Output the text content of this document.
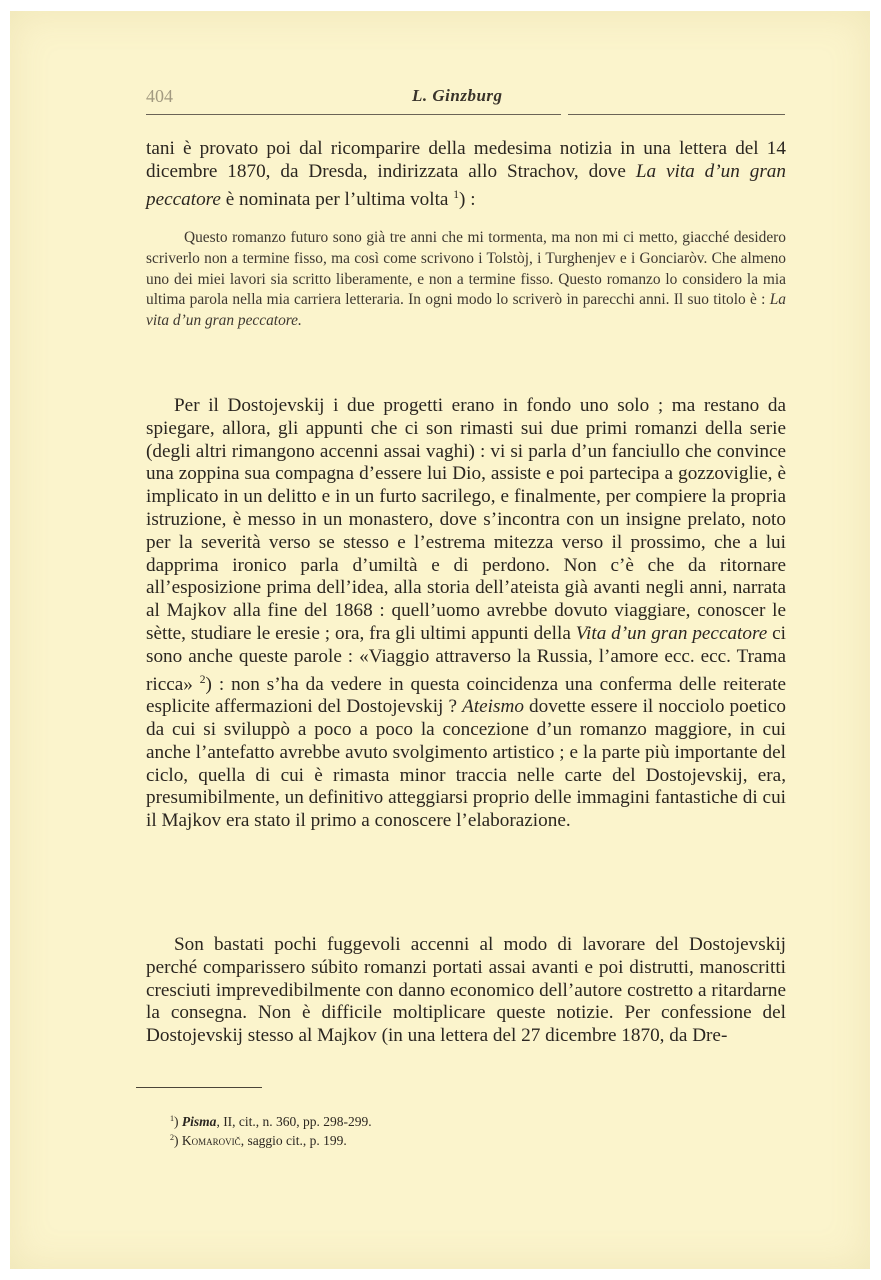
404	L. Ginzburg

tani è provato poi dal ricomparire della medesima notizia in una lettera del 14 dicembre 1870, da Dresda, indirizzata allo Strachov, dove La vita d’un gran peccatore è nominata per l’ultima volta $^1$) :

Questo romanzo futuro sono già tre anni che mi tormenta, ma non mi ci metto, giacché desidero scriverlo non a termine fisso, ma così come scrivono i Tolstòj, i Turghenjev e i Gonciaròv. Che almeno uno dei miei lavori sia scritto liberamente, e non a termine fisso. Questo romanzo lo considero la mia ultima parola nella mia carriera letteraria. In ogni modo lo scriverò in parecchi anni. Il suo titolo è : La vita d’un gran peccatore.

Per il Dostojevskij i due progetti erano in fondo uno solo ; ma restano da spiegare, allora, gli appunti che ci son rimasti sui due primi romanzi della serie (degli altri rimangono accenni assai vaghi) : vi si parla d’un fanciullo che convince una zoppina sua compagna d’essere lui Dio, assiste e poi partecipa a gozzoviglie, è implicato in un delitto e in un furto sacrilego, e finalmente, per compiere la propria istruzione, è messo in un monastero, dove s’incontra con un insigne prelato, noto per la severità verso se stesso e l’estrema mitezza verso il prossimo, che a lui dapprima ironico parla d’umiltà e di perdono. Non c’è che da ritornare all’esposizione prima dell’idea, alla storia dell’ateista già avanti negli anni, narrata al Majkov alla fine del 1868 : quell’uomo avrebbe dovuto viaggiare, conoscer le sètte, studiare le eresie ; ora, fra gli ultimi appunti della Vita d’un gran peccatore ci sono anche queste parole : «Viaggio attraverso la Russia, l’amore ecc. ecc. Trama ricca» $^2$) : non s’ha da vedere in questa coincidenza una conferma delle reiterate esplicite affermazioni del Dostojevskij ? Ateismo dovette essere il nocciolo poetico da cui si sviluppò a poco a poco la concezione d’un romanzo maggiore, in cui anche l’antefatto avrebbe avuto svolgimento artistico ; e la parte più importante del ciclo, quella di cui è rimasta minor traccia nelle carte del Dostojevskij, era, presumibilmente, un definitivo atteggiarsi proprio delle immagini fantastiche di cui il Majkov era stato il primo a conoscere l’elaborazione.

Son bastati pochi fuggevoli accenni al modo di lavorare del Dostojevskij perché comparissero súbito romanzi portati assai avanti e poi distrutti, manoscritti cresciuti imprevedibilmente con danno economico dell’autore costretto a ritardarne la consegna. Non è difficile moltiplicare queste notizie. Per confessione del Dostojevskij stesso al Majkov (in una lettera del 27 dicembre 1870, da Dre-

$^1$) Pisma, II, cit., n. 360, pp. 298-299.
$^2$) Komarovič, saggio cit., p. 199.
